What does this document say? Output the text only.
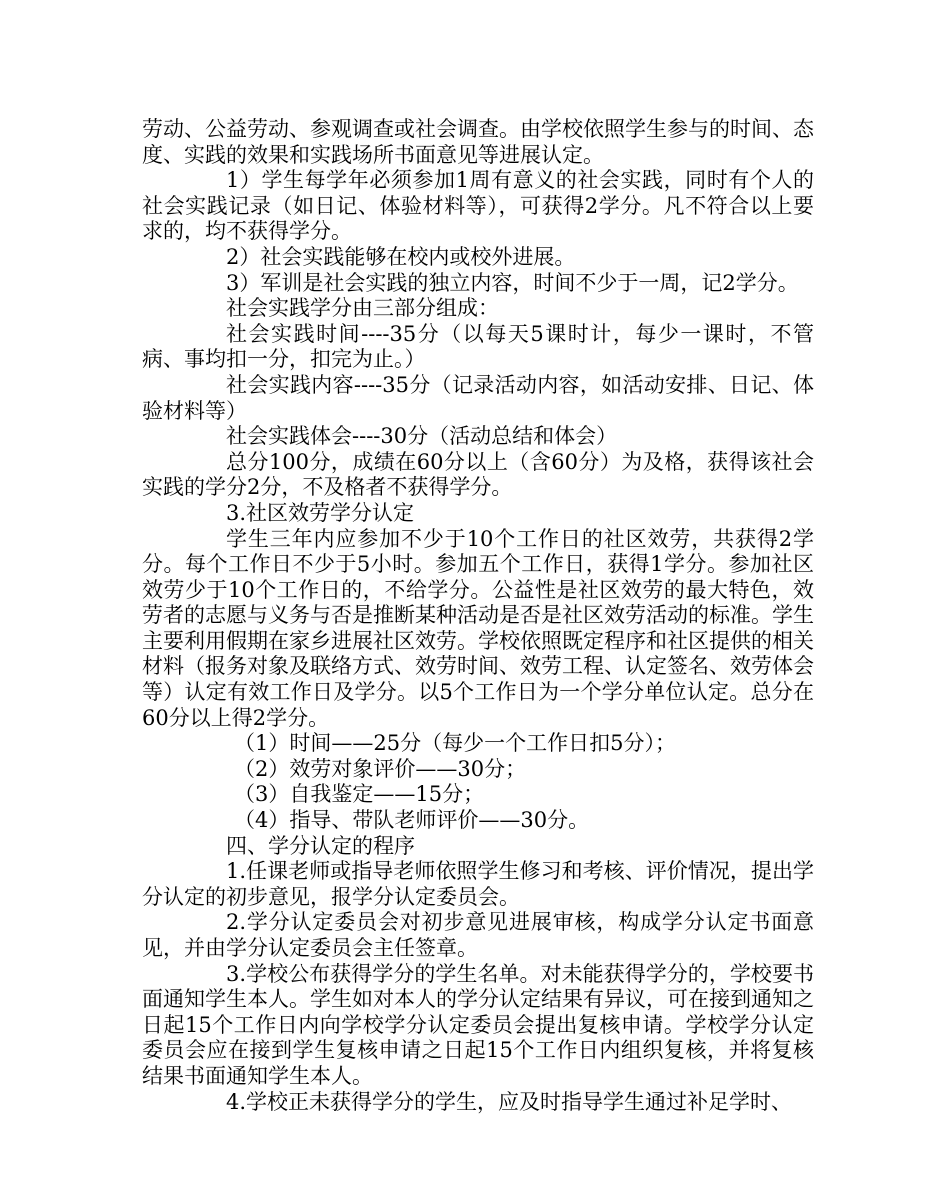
劳动、公益劳动、参观调查或社会调查。由学校依照学生参与的时间、态度、实践的效果和实践场所书面意见等进展认定。

1）学生每学年必须参加1周有意义的社会实践，同时有个人的社会实践记录（如日记、体验材料等），可获得2学分。凡不符合以上要求的，均不获得学分。

2）社会实践能够在校内或校外进展。

3）军训是社会实践的独立内容，时间不少于一周，记2学分。

社会实践学分由三部分组成：

社会实践时间----35分（以每天5课时计，每少一课时，不管病、事均扣一分，扣完为止。）

社会实践内容----35分（记录活动内容，如活动安排、日记、体验材料等）

社会实践体会----30分（活动总结和体会）

总分100分，成绩在60分以上（含60分）为及格，获得该社会实践的学分2分，不及格者不获得学分。

3.社区效劳学分认定

学生三年内应参加不少于10个工作日的社区效劳，共获得2学分。每个工作日不少于5小时。参加五个工作日，获得1学分。参加社区效劳少于10个工作日的，不给学分。公益性是社区效劳的最大特色，效劳者的志愿与义务与否是推断某种活动是否是社区效劳活动的标准。学生主要利用假期在家乡进展社区效劳。学校依照既定程序和社区提供的相关材料（报务对象及联络方式、效劳时间、效劳工程、认定签名、效劳体会等）认定有效工作日及学分。以5个工作日为一个学分单位认定。总分在60分以上得2学分。

（1）时间——25分（每少一个工作日扣5分）；

（2）效劳对象评价——30分；

（3）自我鉴定——15分；

（4）指导、带队老师评价——30分。

四、学分认定的程序

1.任课老师或指导老师依照学生修习和考核、评价情况，提出学分认定的初步意见，报学分认定委员会。

2.学分认定委员会对初步意见进展审核，构成学分认定书面意见，并由学分认定委员会主任签章。

3.学校公布获得学分的学生名单。对未能获得学分的，学校要书面通知学生本人。学生如对本人的学分认定结果有异议，可在接到通知之日起15个工作日内向学校学分认定委员会提出复核申请。学校学分认定委员会应在接到学生复核申请之日起15个工作日内组织复核，并将复核结果书面通知学生本人。

4.学校正未获得学分的学生，应及时指导学生通过补足学时、
